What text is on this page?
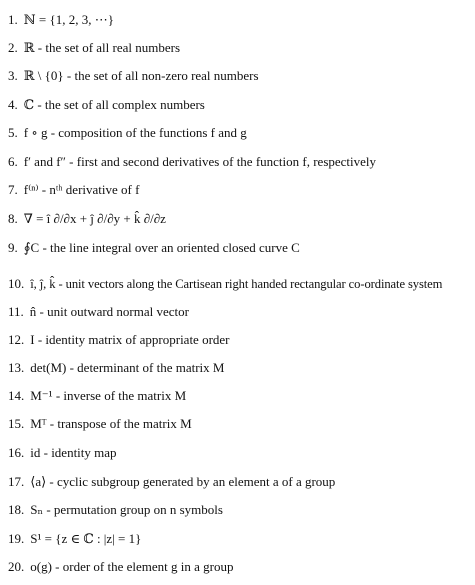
1. ℕ = {1, 2, 3, ⋯}
2. ℝ - the set of all real numbers
3. ℝ \ {0} - the set of all non-zero real numbers
4. ℂ - the set of all complex numbers
5. f ∘ g - composition of the functions f and g
6. f′ and f″ - first and second derivatives of the function f, respectively
7. f⁽ⁿ⁾ - nᵗʰ derivative of f
8. ∇ = î ∂/∂x + ĵ ∂/∂y + k̂ ∂/∂z
9. ∮C - the line integral over an oriented closed curve C
10. î, ĵ, k̂ - unit vectors along the Cartisean right handed rectangular co-ordinate system
11. n̂ - unit outward normal vector
12. I - identity matrix of appropriate order
13. det(M) - determinant of the matrix M
14. M⁻¹ - inverse of the matrix M
15. Mᵀ - transpose of the matrix M
16. id - identity map
17. ⟨a⟩ - cyclic subgroup generated by an element a of a group
18. Sₙ - permutation group on n symbols
19. S¹ = {z ∈ ℂ : |z| = 1}
20. o(g) - order of the element g in a group
